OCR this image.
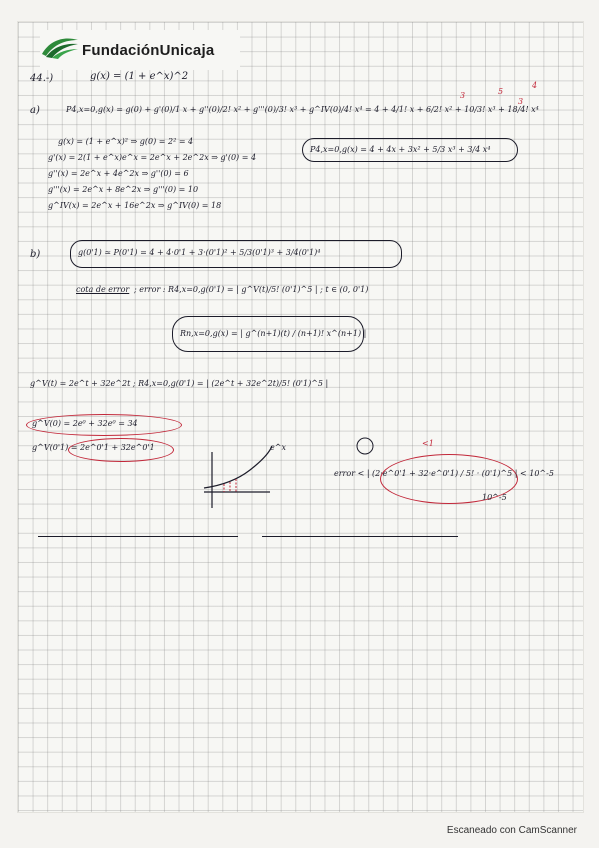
FundaciónUnicaja
44.-)	g(x) = (1 + e^x)^2
a)	P4,x=0,g(x) = g(0) + g'(0)/1 x + g''(0)/2! x² + g'''(0)/3! x³ + g^IV(0)/4! x⁴ = 4 + 4/1! x + 6/2! x² + 10/3! x³ + 18/4! x⁴
3	5
3
4
g(x) = (1 + e^x)² ⇒ g(0) = 2² = 4
g'(x) = 2(1 + e^x)e^x = 2e^x + 2e^2x ⇒ g'(0) = 4
g''(x) = 2e^x + 4e^2x ⇒ g''(0) = 6
g'''(x) = 2e^x + 8e^2x ⇒ g'''(0) = 10
g^IV(x) = 2e^x + 16e^2x ⇒ g^IV(0) = 18
P4,x=0,g(x) = 4 + 4x + 3x² + 5/3 x³ + 3/4 x⁴
b)	g(0'1) ≃ P(0'1) = 4 + 4·0'1 + 3·(0'1)² + 5/3(0'1)³ + 3/4(0'1)⁴
cota de error ; error : R4,x=0,g(0'1) = | g^V(t)/5! (0'1)^5 | ; t ∈ (0, 0'1)
Rn,x=0,g(x) = | g^(n+1)(t) / (n+1)! x^(n+1) |
g^V(t) = 2e^t + 32e^2t ; R4,x=0,g(0'1) = | (2e^t + 32e^2t)/5! (0'1)^5 |
g^V(0) = 2e⁰ + 32e⁰ = 34
g^V(0'1) = 2e^0'1 + 32e^0'1	e^x
error < | (2·e^0'1 + 32·e^0'1) / 5! · (0'1)^5 | < 10^-5
<1
10^-5
Escaneado con CamScanner
